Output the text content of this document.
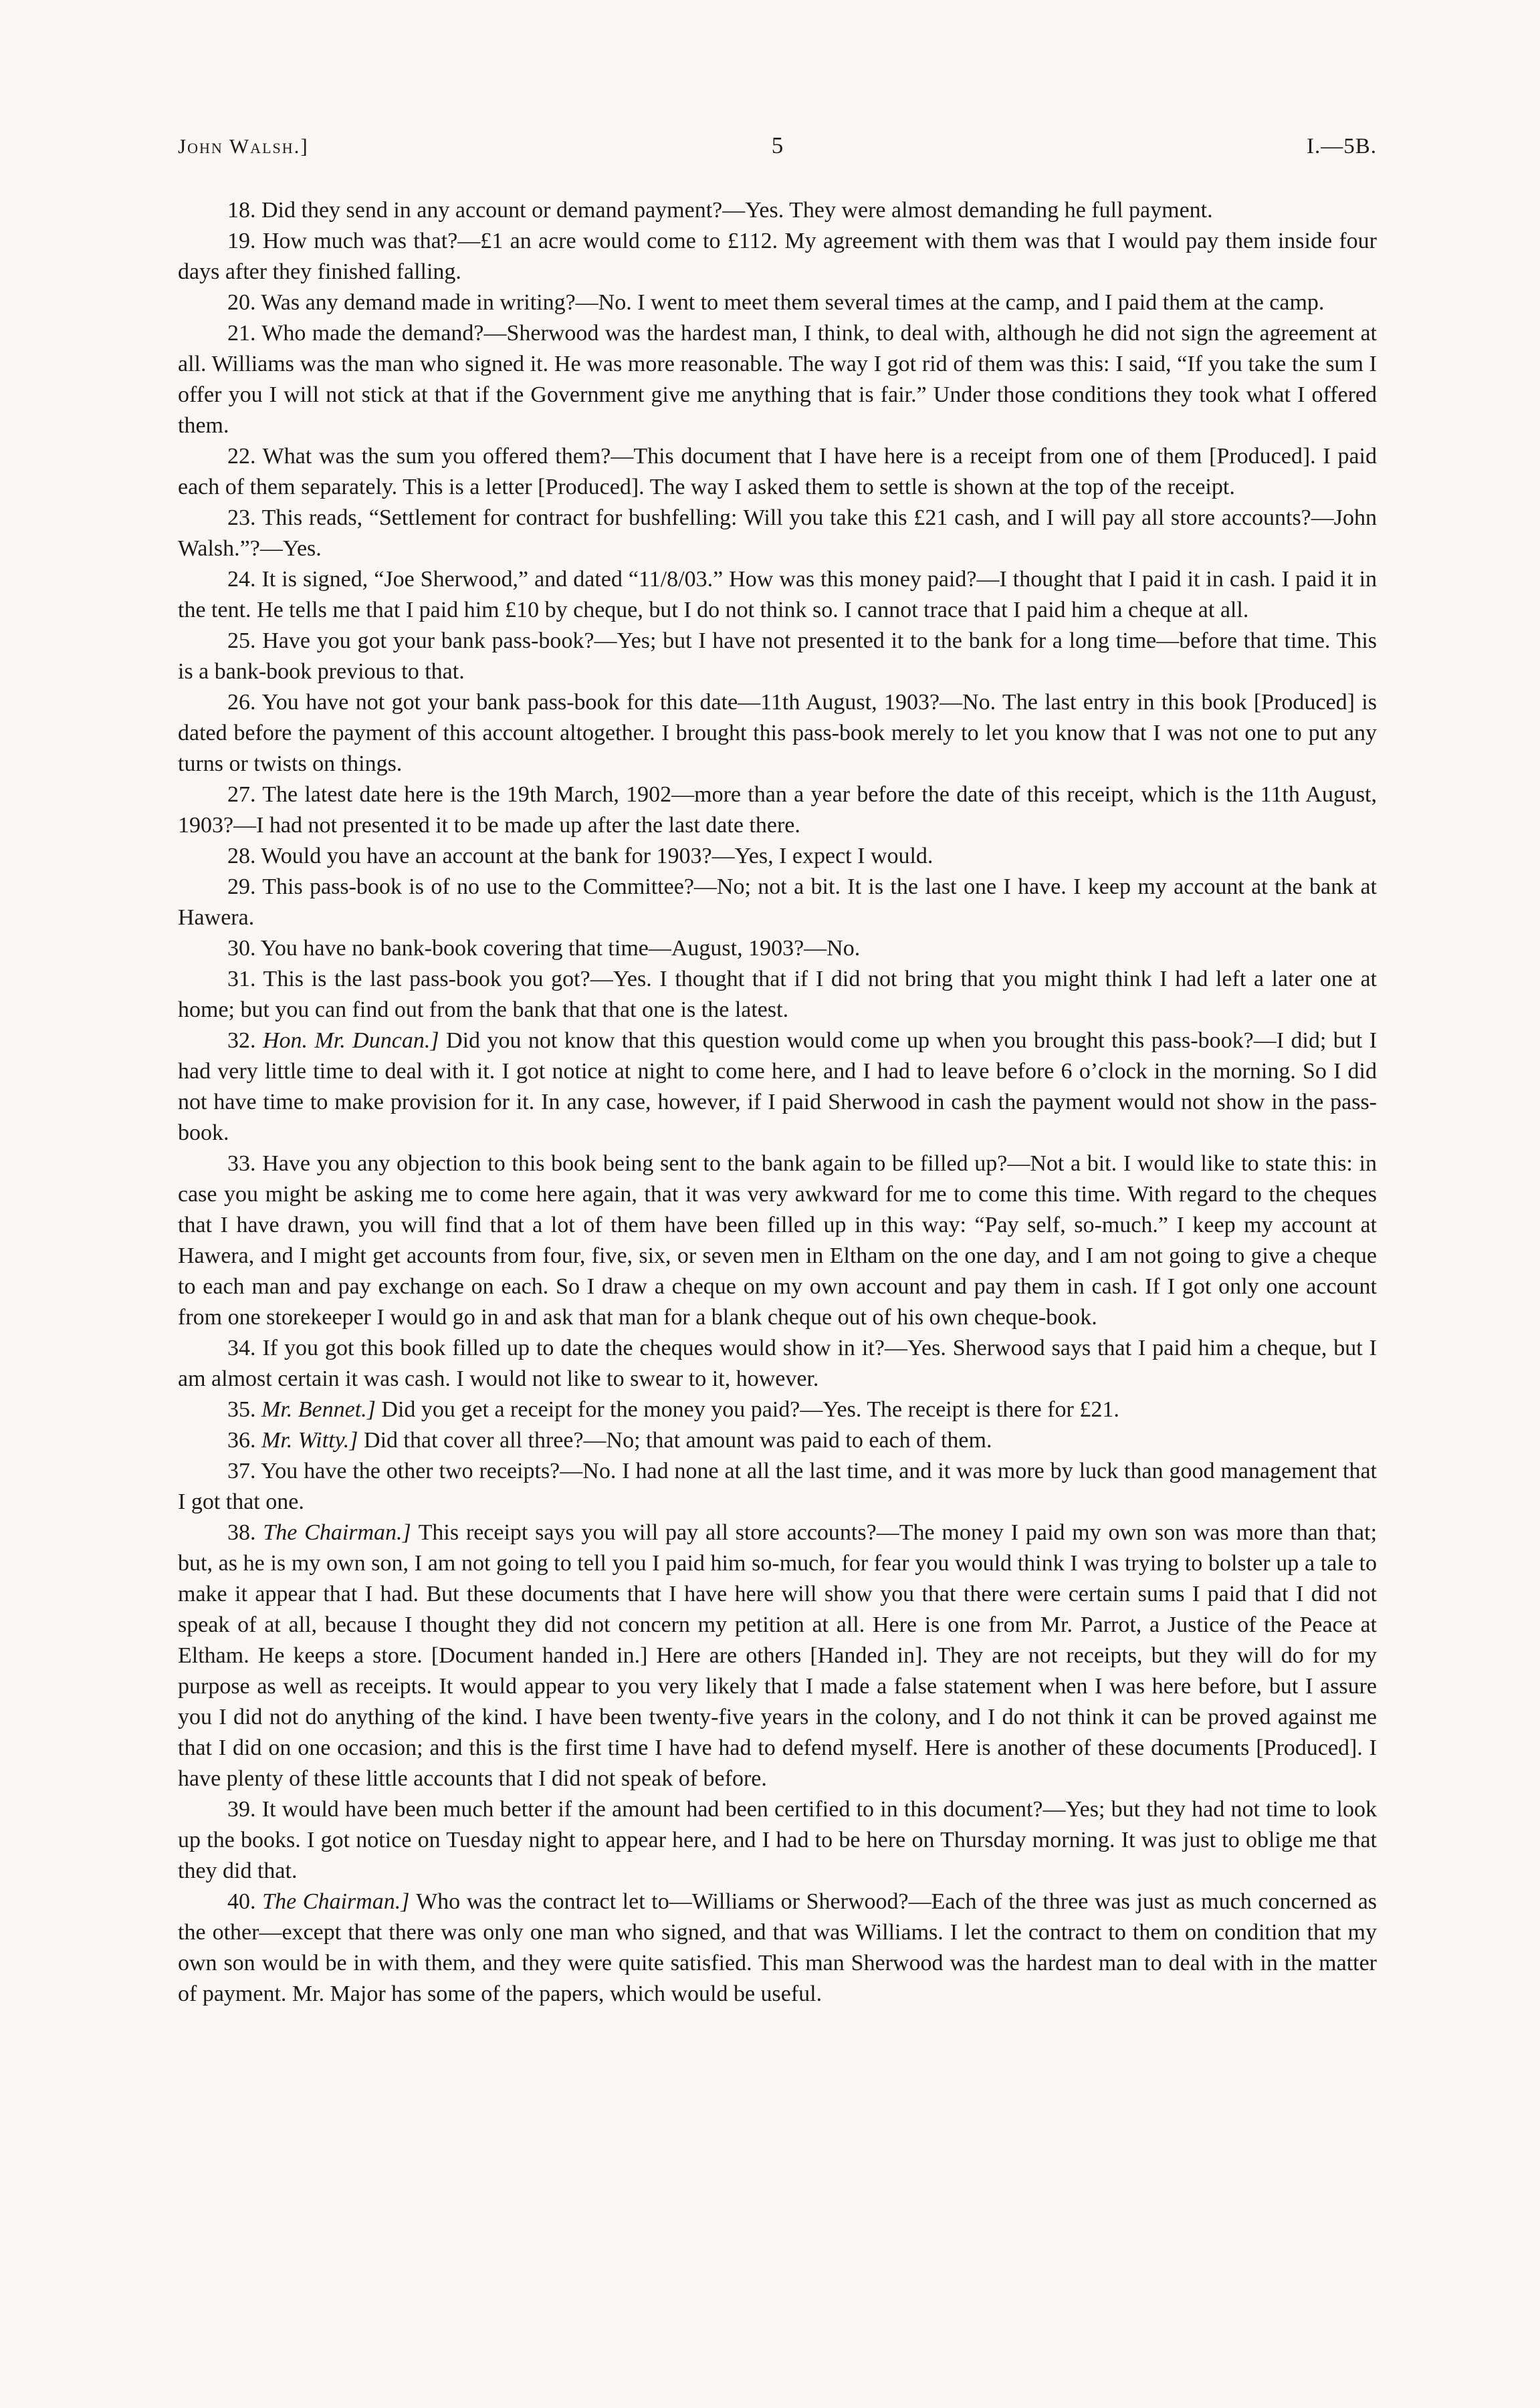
John Walsh.]	5	I.—5B.

18. Did they send in any account or demand payment?—Yes. They were almost demanding he full payment.

19. How much was that?—£1 an acre would come to £112. My agreement with them was that I would pay them inside four days after they finished falling.

20. Was any demand made in writing?—No. I went to meet them several times at the camp, and I paid them at the camp.

21. Who made the demand?—Sherwood was the hardest man, I think, to deal with, although he did not sign the agreement at all. Williams was the man who signed it. He was more reasonable. The way I got rid of them was this: I said, “If you take the sum I offer you I will not stick at that if the Government give me anything that is fair.” Under those conditions they took what I offered them.

22. What was the sum you offered them?—This document that I have here is a receipt from one of them [Produced]. I paid each of them separately. This is a letter [Produced]. The way I asked them to settle is shown at the top of the receipt.

23. This reads, “Settlement for contract for bushfelling: Will you take this £21 cash, and I will pay all store accounts?—John Walsh.”?—Yes.

24. It is signed, “Joe Sherwood,” and dated “11/8/03.” How was this money paid?—I thought that I paid it in cash. I paid it in the tent. He tells me that I paid him £10 by cheque, but I do not think so. I cannot trace that I paid him a cheque at all.

25. Have you got your bank pass-book?—Yes; but I have not presented it to the bank for a long time—before that time. This is a bank-book previous to that.

26. You have not got your bank pass-book for this date—11th August, 1903?—No. The last entry in this book [Produced] is dated before the payment of this account altogether. I brought this pass-book merely to let you know that I was not one to put any turns or twists on things.

27. The latest date here is the 19th March, 1902—more than a year before the date of this receipt, which is the 11th August, 1903?—I had not presented it to be made up after the last date there.

28. Would you have an account at the bank for 1903?—Yes, I expect I would.

29. This pass-book is of no use to the Committee?—No; not a bit. It is the last one I have. I keep my account at the bank at Hawera.

30. You have no bank-book covering that time—August, 1903?—No.

31. This is the last pass-book you got?—Yes. I thought that if I did not bring that you might think I had left a later one at home; but you can find out from the bank that that one is the latest.

32. Hon. Mr. Duncan.] Did you not know that this question would come up when you brought this pass-book?—I did; but I had very little time to deal with it. I got notice at night to come here, and I had to leave before 6 o’clock in the morning. So I did not have time to make provision for it. In any case, however, if I paid Sherwood in cash the payment would not show in the pass-book.

33. Have you any objection to this book being sent to the bank again to be filled up?—Not a bit. I would like to state this: in case you might be asking me to come here again, that it was very awkward for me to come this time. With regard to the cheques that I have drawn, you will find that a lot of them have been filled up in this way: “Pay self, so-much.” I keep my account at Hawera, and I might get accounts from four, five, six, or seven men in Eltham on the one day, and I am not going to give a cheque to each man and pay exchange on each. So I draw a cheque on my own account and pay them in cash. If I got only one account from one storekeeper I would go in and ask that man for a blank cheque out of his own cheque-book.

34. If you got this book filled up to date the cheques would show in it?—Yes. Sherwood says that I paid him a cheque, but I am almost certain it was cash. I would not like to swear to it, however.

35. Mr. Bennet.] Did you get a receipt for the money you paid?—Yes. The receipt is there for £21.

36. Mr. Witty.] Did that cover all three?—No; that amount was paid to each of them.

37. You have the other two receipts?—No. I had none at all the last time, and it was more by luck than good management that I got that one.

38. The Chairman.] This receipt says you will pay all store accounts?—The money I paid my own son was more than that; but, as he is my own son, I am not going to tell you I paid him so-much, for fear you would think I was trying to bolster up a tale to make it appear that I had. But these documents that I have here will show you that there were certain sums I paid that I did not speak of at all, because I thought they did not concern my petition at all. Here is one from Mr. Parrot, a Justice of the Peace at Eltham. He keeps a store. [Document handed in.] Here are others [Handed in]. They are not receipts, but they will do for my purpose as well as receipts. It would appear to you very likely that I made a false statement when I was here before, but I assure you I did not do anything of the kind. I have been twenty-five years in the colony, and I do not think it can be proved against me that I did on one occasion; and this is the first time I have had to defend myself. Here is another of these documents [Produced]. I have plenty of these little accounts that I did not speak of before.

39. It would have been much better if the amount had been certified to in this document?—Yes; but they had not time to look up the books. I got notice on Tuesday night to appear here, and I had to be here on Thursday morning. It was just to oblige me that they did that.

40. The Chairman.] Who was the contract let to—Williams or Sherwood?—Each of the three was just as much concerned as the other—except that there was only one man who signed, and that was Williams. I let the contract to them on condition that my own son would be in with them, and they were quite satisfied. This man Sherwood was the hardest man to deal with in the matter of payment. Mr. Major has some of the papers, which would be useful.
